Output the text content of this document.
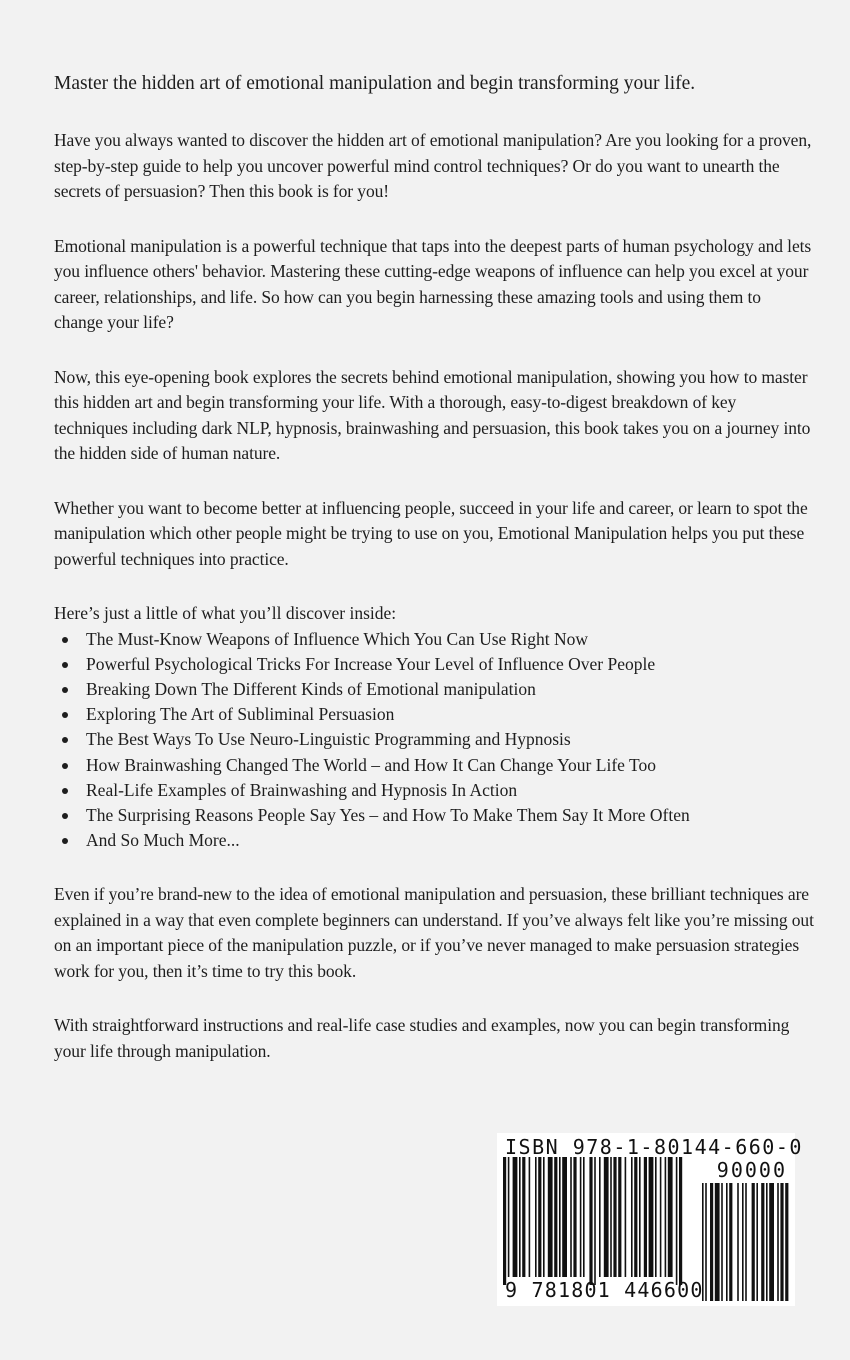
Master the hidden art of emotional manipulation and begin transforming your life.

Have you always wanted to discover the hidden art of emotional manipulation? Are you looking for a proven, step-by-step guide to help you uncover powerful mind control techniques? Or do you want to unearth the secrets of persuasion? Then this book is for you!

Emotional manipulation is a powerful technique that taps into the deepest parts of human psychology and lets you influence others' behavior. Mastering these cutting-edge weapons of influence can help you excel at your career, relationships, and life. So how can you begin harnessing these amazing tools and using them to change your life?

Now, this eye-opening book explores the secrets behind emotional manipulation, showing you how to master this hidden art and begin transforming your life. With a thorough, easy-to-digest breakdown of key techniques including dark NLP, hypnosis, brainwashing and persuasion, this book takes you on a journey into the hidden side of human nature.

Whether you want to become better at influencing people, succeed in your life and career, or learn to spot the manipulation which other people might be trying to use on you, Emotional Manipulation helps you put these powerful techniques into practice.

Here’s just a little of what you’ll discover inside:

The Must-Know Weapons of Influence Which You Can Use Right Now
Powerful Psychological Tricks For Increase Your Level of Influence Over People
Breaking Down The Different Kinds of Emotional manipulation
Exploring The Art of Subliminal Persuasion
The Best Ways To Use Neuro-Linguistic Programming and Hypnosis
How Brainwashing Changed The World – and How It Can Change Your Life Too
Real-Life Examples of Brainwashing and Hypnosis In Action
The Surprising Reasons People Say Yes – and How To Make Them Say It More Often
And So Much More...

Even if you’re brand-new to the idea of emotional manipulation and persuasion, these brilliant techniques are explained in a way that even complete beginners can understand. If you’ve always felt like you’re missing out on an important piece of the manipulation puzzle, or if you’ve never managed to make persuasion strategies work for you, then it’s time to try this book.

With straightforward instructions and real-life case studies and examples, now you can begin transforming your life through manipulation.

ISBN 978-1-80144-660-0
90000
9 781801 446600
